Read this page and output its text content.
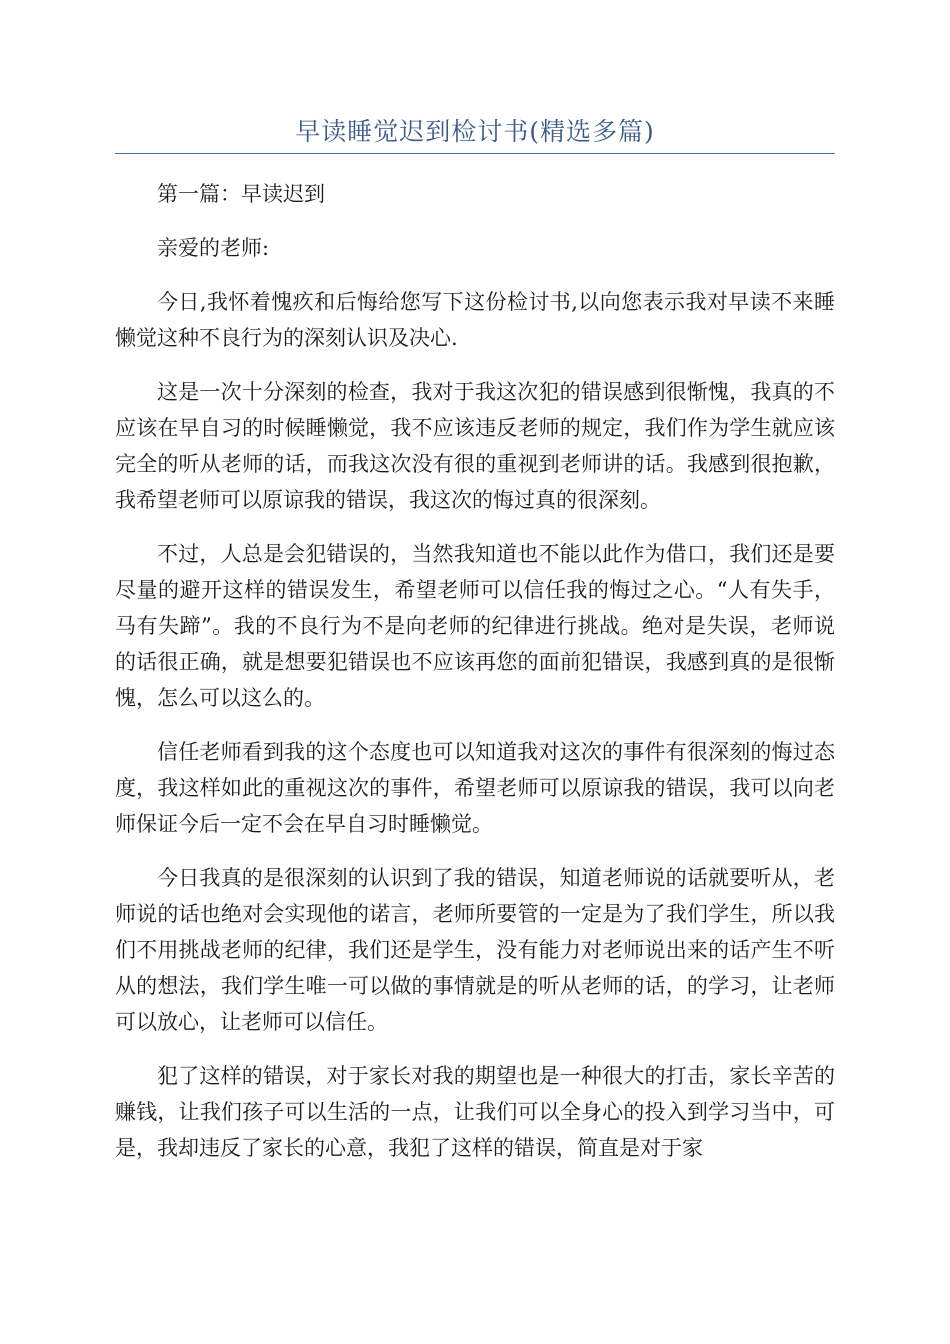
早读睡觉迟到检讨书(精选多篇)

第一篇：早读迟到

亲爱的老师:

今日,我怀着愧疚和后悔给您写下这份检讨书,以向您表示我对早读不来睡懒觉这种不良行为的深刻认识及决心.

这是一次十分深刻的检查，我对于我这次犯的错误感到很惭愧，我真的不应该在早自习的时候睡懒觉，我不应该违反老师的规定，我们作为学生就应该完全的听从老师的话，而我这次没有很的重视到老师讲的话。我感到很抱歉，我希望老师可以原谅我的错误，我这次的悔过真的很深刻。

不过，人总是会犯错误的，当然我知道也不能以此作为借口，我们还是要尽量的避开这样的错误发生，希望老师可以信任我的悔过之心。“人有失手，马有失蹄”。我的不良行为不是向老师的纪律进行挑战。绝对是失误，老师说的话很正确，就是想要犯错误也不应该再您的面前犯错误，我感到真的是很惭愧，怎么可以这么的。

信任老师看到我的这个态度也可以知道我对这次的事件有很深刻的悔过态度，我这样如此的重视这次的事件，希望老师可以原谅我的错误，我可以向老师保证今后一定不会在早自习时睡懒觉。

今日我真的是很深刻的认识到了我的错误，知道老师说的话就要听从，老师说的话也绝对会实现他的诺言，老师所要管的一定是为了我们学生，所以我们不用挑战老师的纪律，我们还是学生，没有能力对老师说出来的话产生不听从的想法，我们学生唯一可以做的事情就是的听从老师的话，的学习，让老师可以放心，让老师可以信任。

犯了这样的错误，对于家长对我的期望也是一种很大的打击，家长辛苦的赚钱，让我们孩子可以生活的一点，让我们可以全身心的投入到学习当中，可是，我却违反了家长的心意，我犯了这样的错误，简直是对于家
